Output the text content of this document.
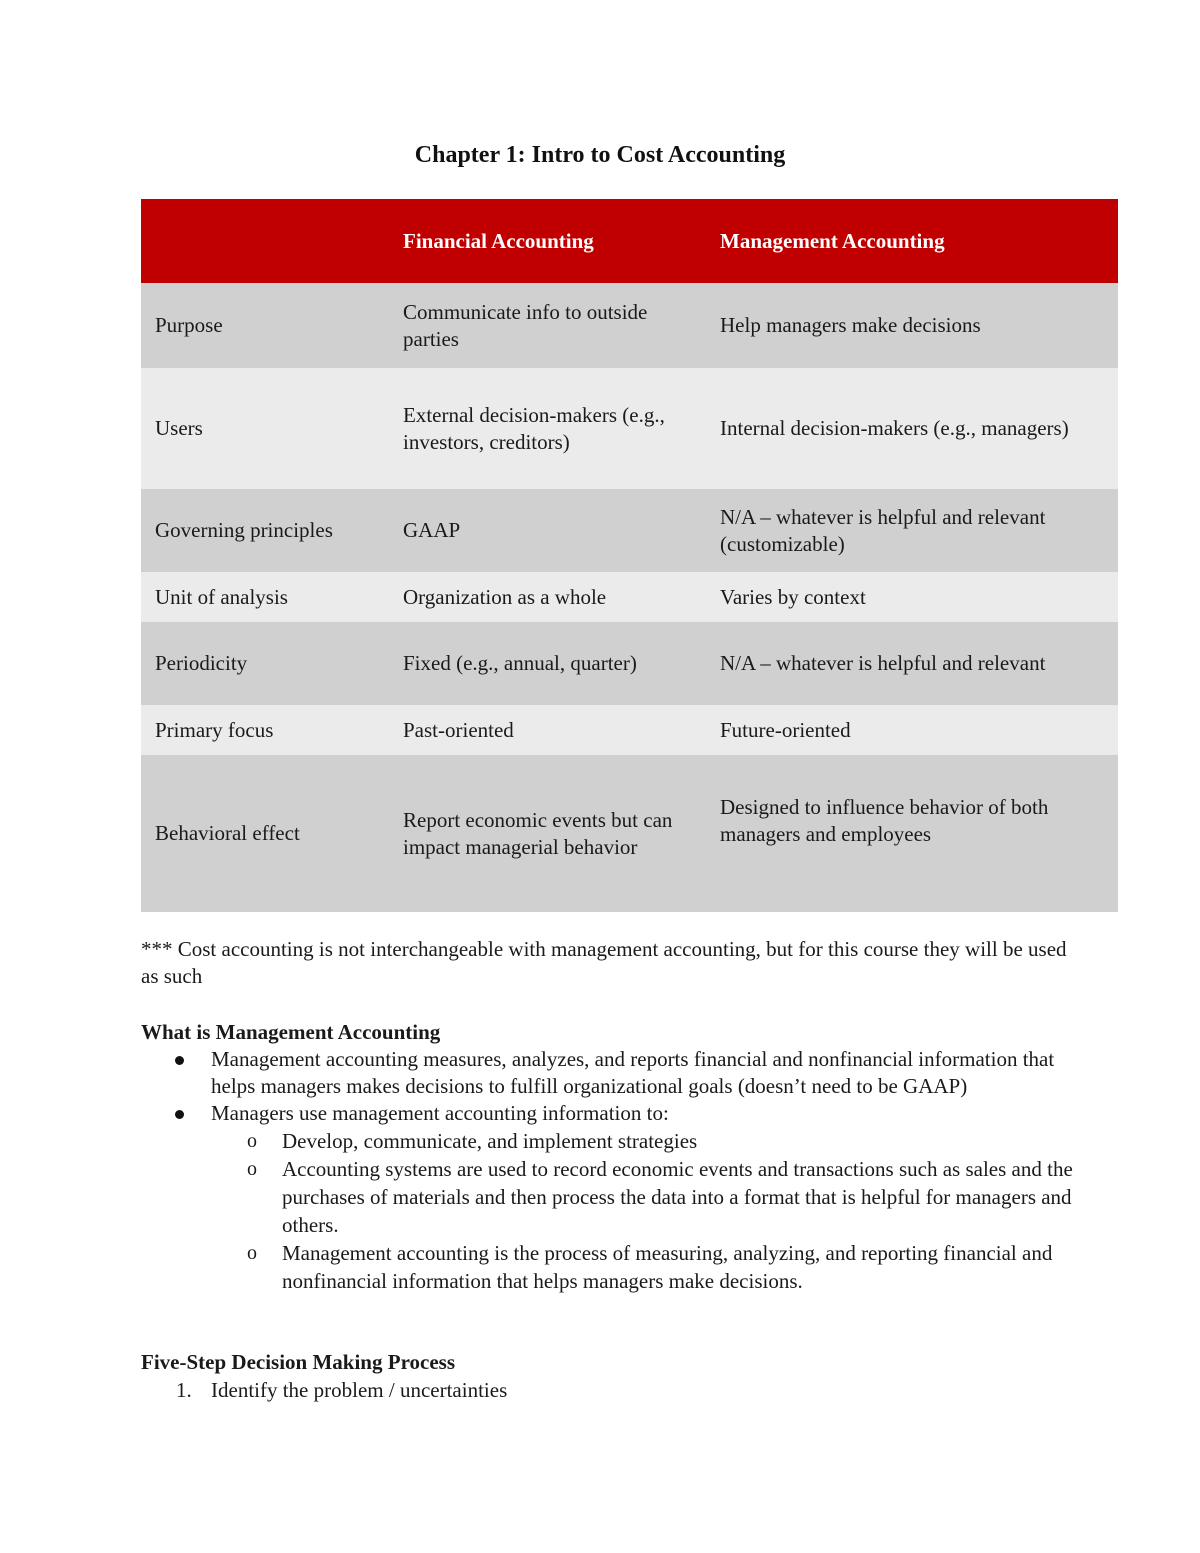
Chapter 1: Intro to Cost Accounting
	Financial Accounting	Management Accounting
Purpose	Communicate info to outside parties	Help managers make decisions
Users	External decision-makers (e.g., investors, creditors)	Internal decision-makers (e.g., managers)
Governing principles	GAAP	N/A – whatever is helpful and relevant (customizable)
Unit of analysis	Organization as a whole	Varies by context
Periodicity	Fixed (e.g., annual, quarter)	N/A – whatever is helpful and relevant
Primary focus	Past-oriented	Future-oriented
Behavioral effect	Report economic events but can impact managerial behavior	Designed to influence behavior of both managers and employees
*** Cost accounting is not interchangeable with management accounting, but for this course they will be used as such
What is Management Accounting
Management accounting measures, analyzes, and reports financial and nonfinancial information that helps managers makes decisions to fulfill organizational goals (doesn’t need to be GAAP)
Managers use management accounting information to:
o Develop, communicate, and implement strategies
o Accounting systems are used to record economic events and transactions such as sales and the purchases of materials and then process the data into a format that is helpful for managers and others.
o Management accounting is the process of measuring, analyzing, and reporting financial and nonfinancial information that helps managers make decisions.
Five-Step Decision Making Process
1. Identify the problem / uncertainties
